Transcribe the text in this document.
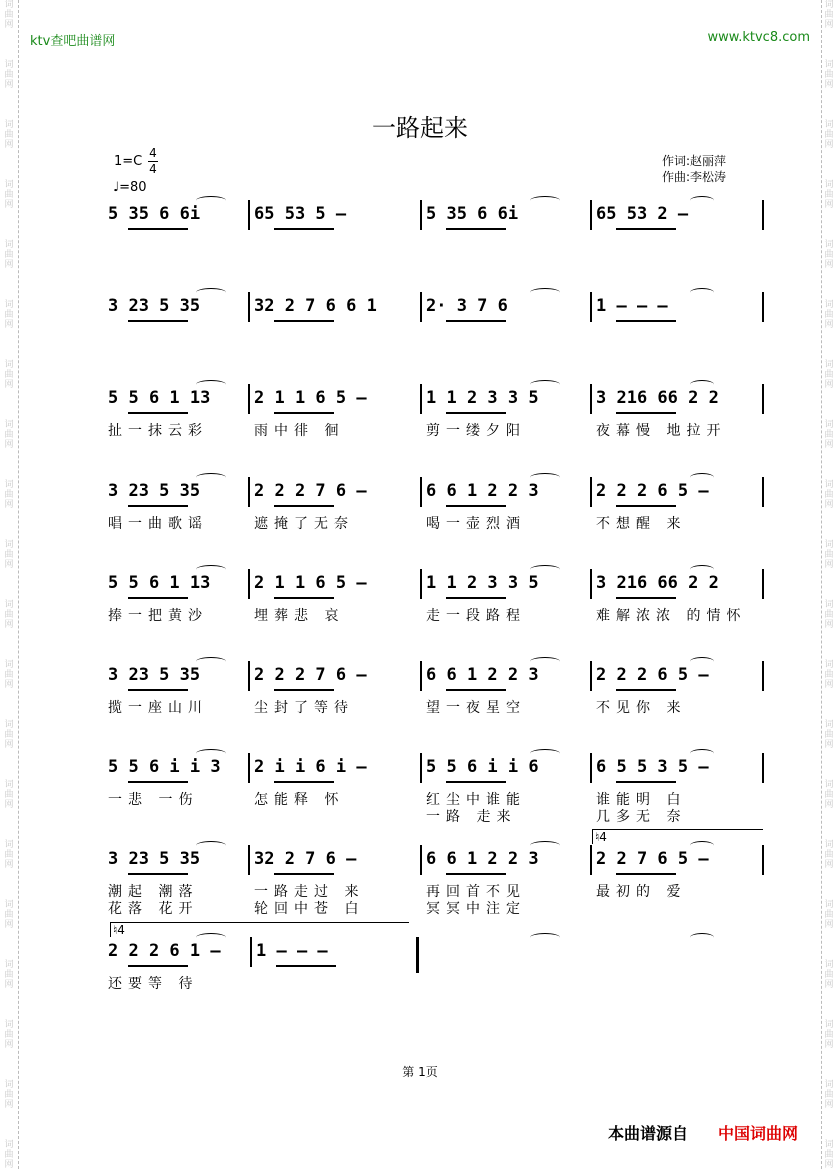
词
曲
网
词
曲
网
词
曲
网
词
曲
网
词
曲
网
词
曲
网
词
曲
网
词
曲
网
词
曲
网
词
曲
网
词
曲
网
词
曲
网
词
曲
网
词
曲
网
词
曲
网
词
曲
网
词
曲
网
词
曲
网
词
曲
网
词
曲
网
词
曲
网
词
曲
网
词
曲
网
词
曲
网
词
曲
网
词
曲
网
词
曲
网
词
曲
网
词
曲
网
词
曲
网
词
曲
网
词
曲
网
词
曲
网
词
曲
网
词
曲
网
词
曲
网
词
曲
网
词
曲
网
词
曲
网
词
曲
网
ktv查吧曲谱网	www.ktvc8.com
一路起来
1=C
4
4
♩=80
作词:赵丽萍
作曲:李松涛
5 35 6 6i	65 53 5 –	5 35 6 6i	65 53 2 –
3 23 5 35	32 2 7 6 6 1	2· 3 7 6	1 – – –
5 5 6 1 13
扯一抹云彩
2 1 1 6 5 –
雨中徘 徊
1 1 2 3 3 5
剪一缕夕阳
3 216 66 2 2
夜幕慢 地拉开
3 23 5 35
唱一曲歌谣
2 2 2 7 6 –
遮掩了无奈
6 6 1 2 2 3
喝一壶烈酒
2 2 2 6 5 –
不想醒 来
5 5 6 1 13
捧一把黄沙
2 1 1 6 5 –
埋葬悲 哀
1 1 2 3 3 5
走一段路程
3 216 66 2 2
难解浓浓 的情怀
3 23 5 35
揽一座山川
2 2 2 7 6 –
尘封了等待
6 6 1 2 2 3
望一夜星空
2 2 2 6 5 –
不见你 来
5 5 6 i i 3
一悲 一伤
2 i i 6 i –
怎能释 怀
5 5 6 i i 6
红尘中谁能
一路 走来
6 5 5 3 5 –
谁能明 白
几多无 奈
3 23 5 35
潮起 潮落
花落 花开
32 2 7 6 –
一路走过 来
轮回中苍 白
6 6 1 2 2 3
再回首不见
冥冥中注定
2 2 7 6 5 –
最初的 爱
2 2 2 6 1 –
还要等 待
1 – – –
♮4
♮4
第 1页
本曲谱源自 中国词曲网
